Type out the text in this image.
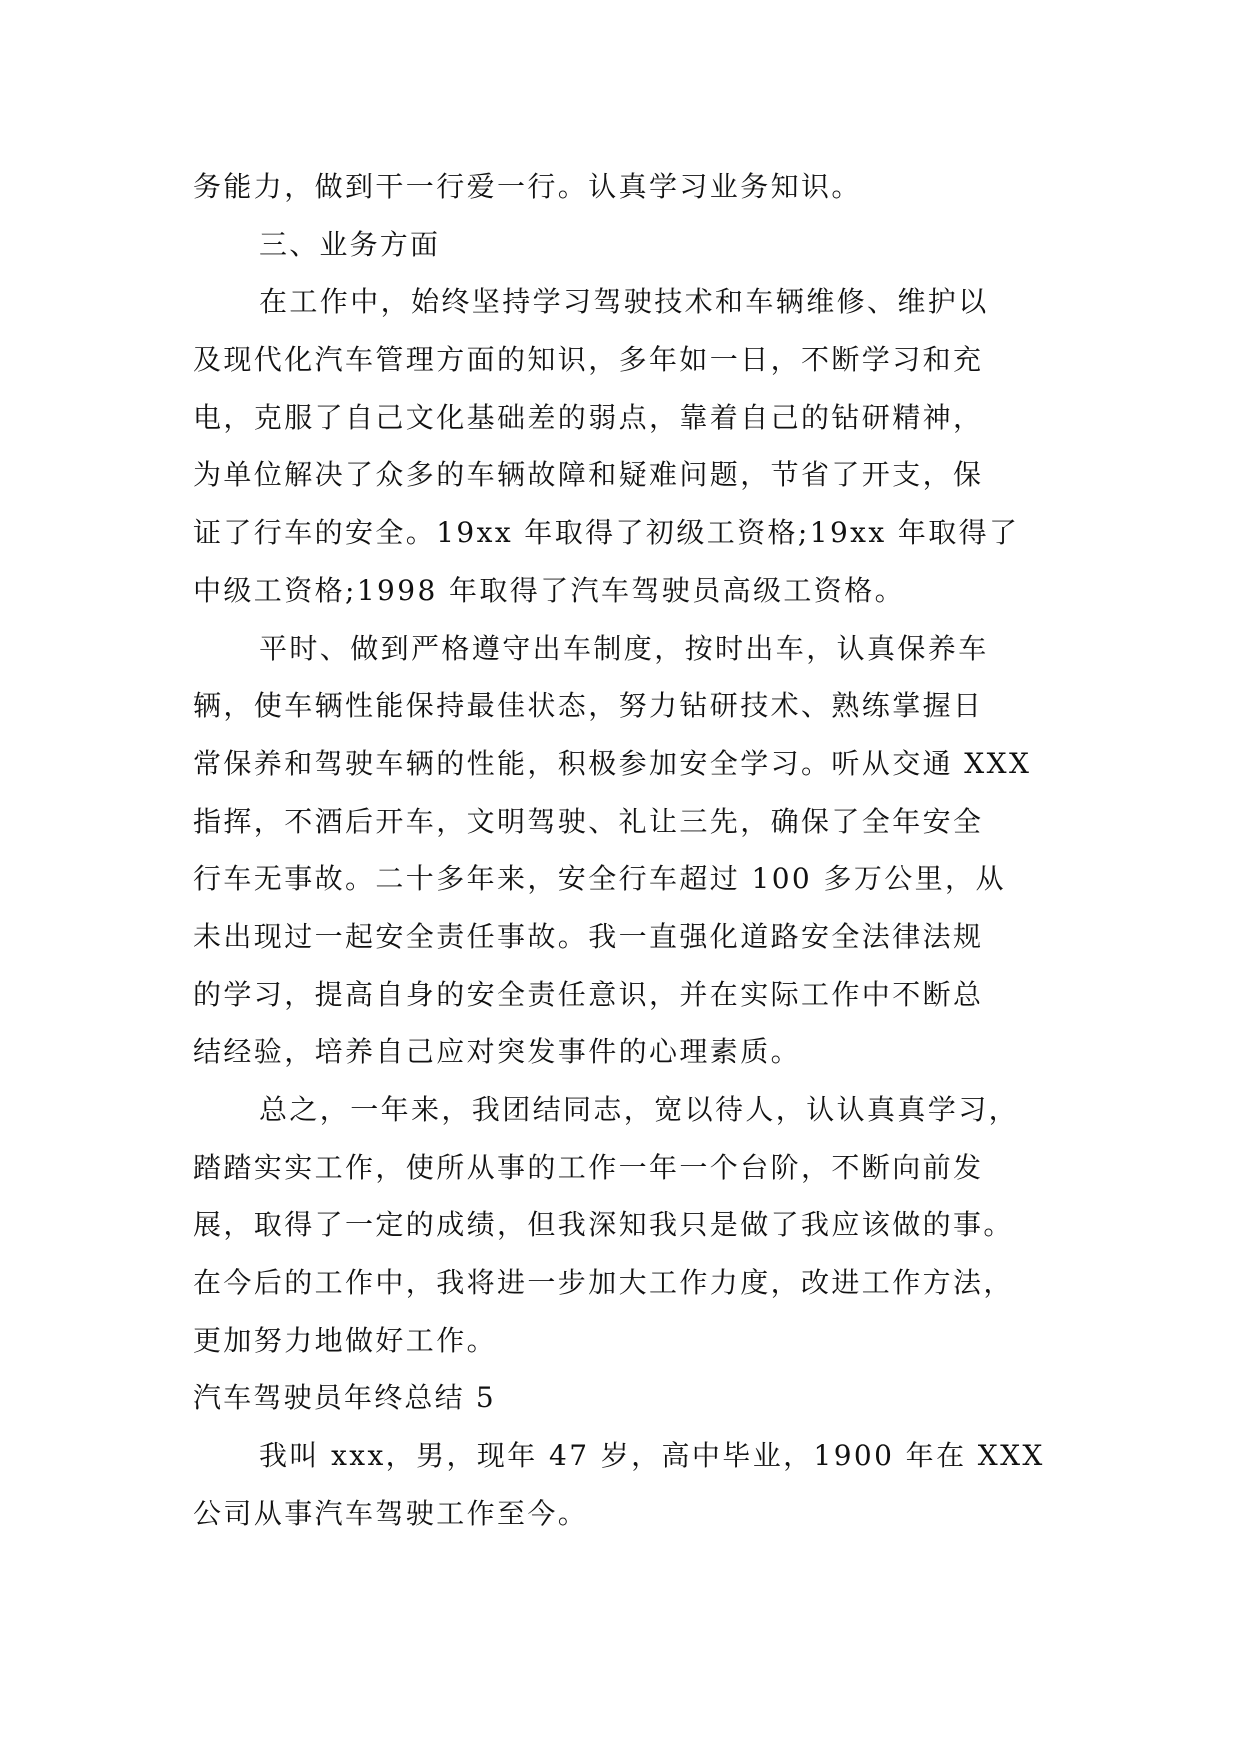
务能力，做到干一行爱一行。认真学习业务知识。
三、业务方面
在工作中，始终坚持学习驾驶技术和车辆维修、维护以
及现代化汽车管理方面的知识，多年如一日，不断学习和充
电，克服了自己文化基础差的弱点，靠着自己的钻研精神，
为单位解决了众多的车辆故障和疑难问题，节省了开支，保
证了行车的安全。19xx 年取得了初级工资格;19xx 年取得了
中级工资格;1998 年取得了汽车驾驶员高级工资格。
平时、做到严格遵守出车制度，按时出车，认真保养车
辆，使车辆性能保持最佳状态，努力钻研技术、熟练掌握日
常保养和驾驶车辆的性能，积极参加安全学习。听从交通 XXX
指挥，不酒后开车，文明驾驶、礼让三先，确保了全年安全
行车无事故。二十多年来，安全行车超过 100 多万公里，从
未出现过一起安全责任事故。我一直强化道路安全法律法规
的学习，提高自身的安全责任意识，并在实际工作中不断总
结经验，培养自己应对突发事件的心理素质。
总之，一年来，我团结同志，宽以待人，认认真真学习，
踏踏实实工作，使所从事的工作一年一个台阶，不断向前发
展，取得了一定的成绩，但我深知我只是做了我应该做的事。
在今后的工作中，我将进一步加大工作力度，改进工作方法，
更加努力地做好工作。
汽车驾驶员年终总结 5
我叫 xxx，男，现年 47 岁，高中毕业，1900 年在 XXX
公司从事汽车驾驶工作至今。
